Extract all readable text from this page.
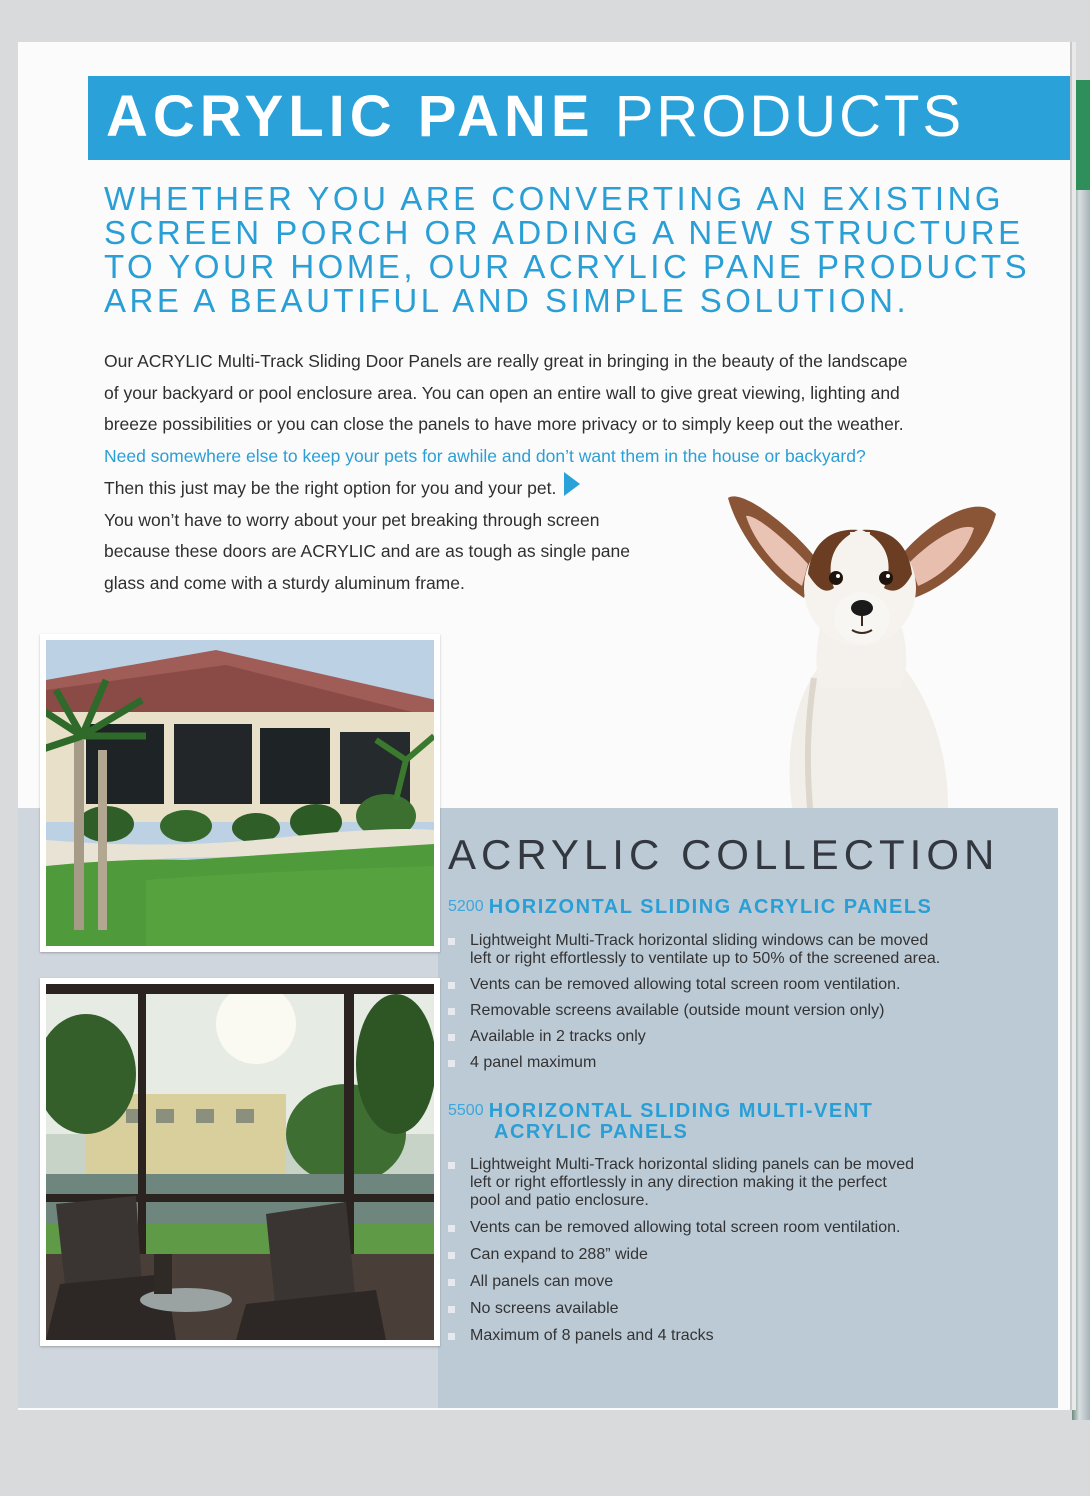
ACRYLIC PANE PRODUCTS
WHETHER YOU ARE CONVERTING AN EXISTING
SCREEN PORCH OR ADDING A NEW STRUCTURE
TO YOUR HOME, OUR ACRYLIC PANE PRODUCTS
ARE A BEAUTIFUL AND SIMPLE SOLUTION.
Our ACRYLIC Multi-Track Sliding Door Panels are really great in bringing in the beauty of the landscape
of your backyard or pool enclosure area. You can open an entire wall to give great viewing, lighting and
breeze possibilities or you can close the panels to have more privacy or to simply keep out the weather.
Need somewhere else to keep your pets for awhile and don’t want them in the house or backyard?
Then this just may be the right option for you and your pet.
You won’t have to worry about your pet breaking through screen
because these doors are ACRYLIC and are as tough as single pane
glass and come with a sturdy aluminum frame.
ACRYLIC COLLECTION
5200 HORIZONTAL SLIDING ACRYLIC PANELS
Lightweight Multi-Track horizontal sliding windows can be moved
left or right effortlessly to ventilate up to 50% of the screened area.
Vents can be removed allowing total screen room ventilation.
Removable screens available (outside mount version only)
Available in 2 tracks only
4 panel maximum
5500 HORIZONTAL SLIDING MULTI-VENT
ACRYLIC PANELS
Lightweight Multi-Track horizontal sliding panels can be moved
left or right effortlessly in any direction making it the perfect
pool and patio enclosure.
Vents can be removed allowing total screen room ventilation.
Can expand to 288” wide
All panels can move
No screens available
Maximum of 8 panels and 4 tracks
